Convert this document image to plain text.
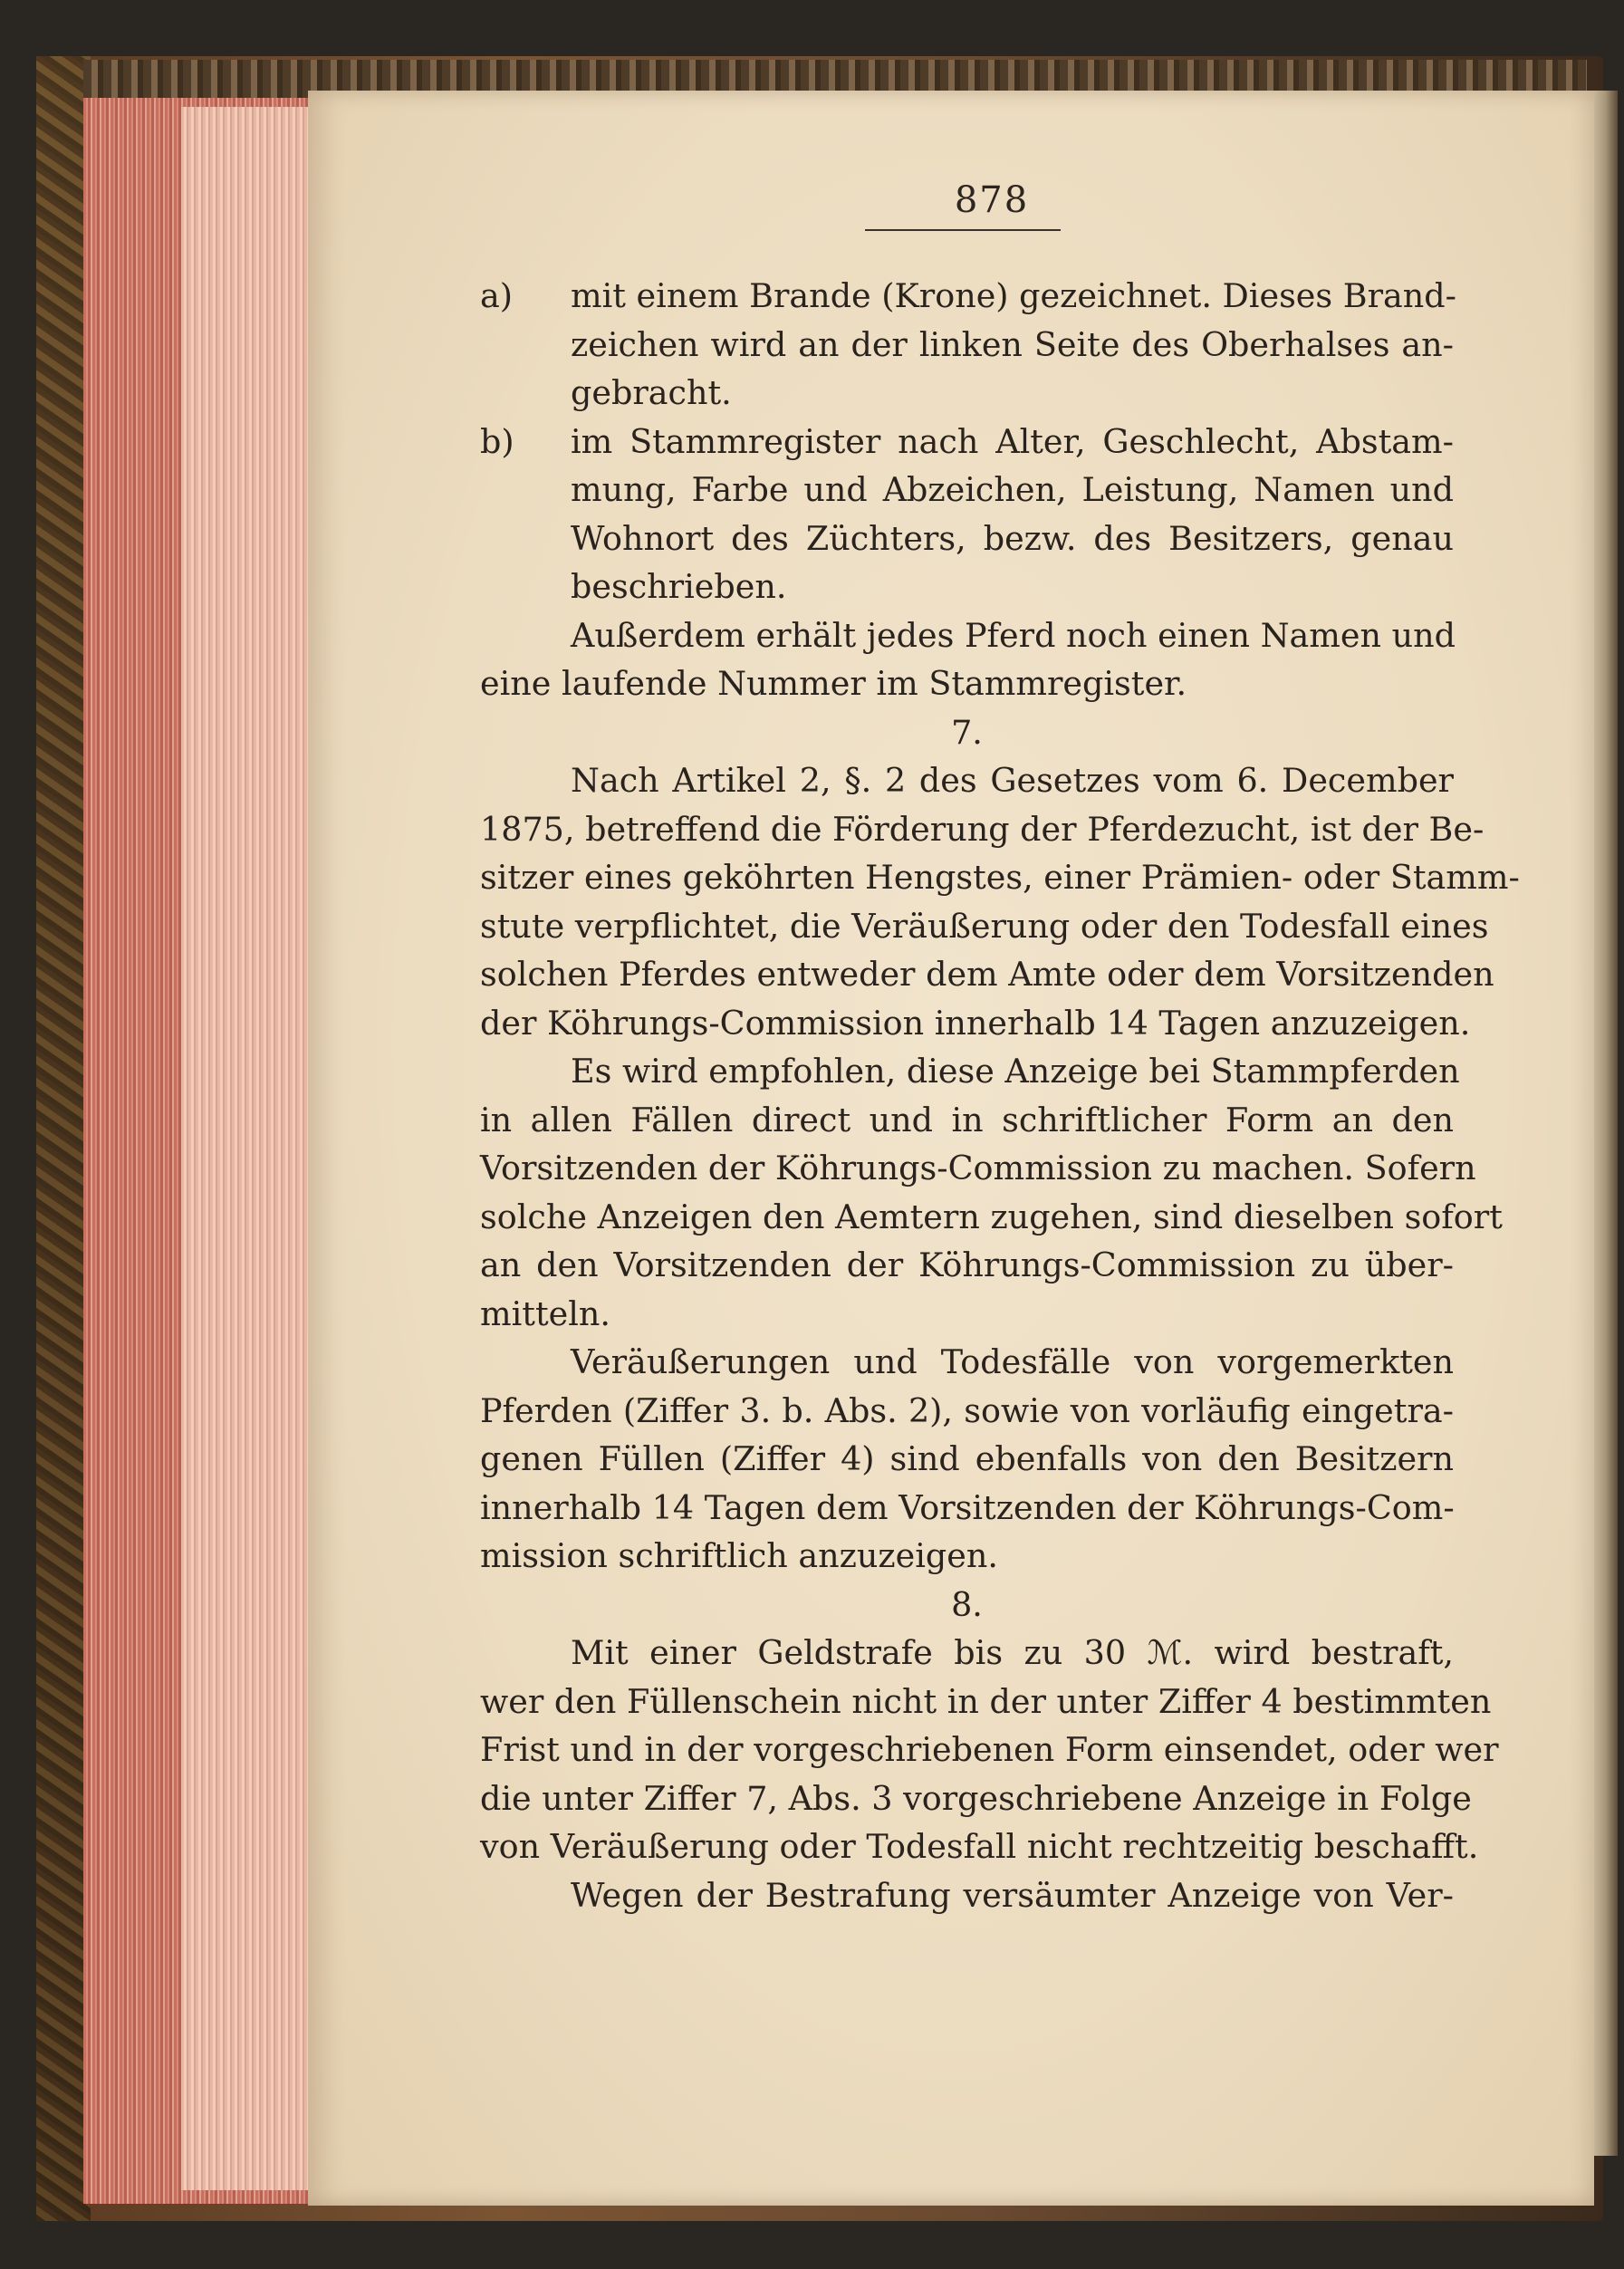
878
a)	mit einem Brande (Krone) gezeichnet. Dieses Brand-
zeichen wird an der linken Seite des Oberhalses an-
gebracht.
b)	im Stammregister nach Alter, Geschlecht, Abstam-
mung, Farbe und Abzeichen, Leistung, Namen und
Wohnort des Züchters, bezw. des Besitzers, genau
beschrieben.
Außerdem erhält jedes Pferd noch einen Namen und
eine laufende Nummer im Stammregister.
7.
Nach Artikel 2, §. 2 des Gesetzes vom 6. December
1875, betreffend die Förderung der Pferdezucht, ist der Be-
sitzer eines geköhrten Hengstes, einer Prämien- oder Stamm-
stute verpflichtet, die Veräußerung oder den Todesfall eines
solchen Pferdes entweder dem Amte oder dem Vorsitzenden
der Köhrungs-Commission innerhalb 14 Tagen anzuzeigen.
Es wird empfohlen, diese Anzeige bei Stammpferden
in allen Fällen direct und in schriftlicher Form an den
Vorsitzenden der Köhrungs-Commission zu machen. Sofern
solche Anzeigen den Aemtern zugehen, sind dieselben sofort
an den Vorsitzenden der Köhrungs-Commission zu über-
mitteln.
Veräußerungen und Todesfälle von vorgemerkten
Pferden (Ziffer 3. b. Abs. 2), sowie von vorläufig eingetra-
genen Füllen (Ziffer 4) sind ebenfalls von den Besitzern
innerhalb 14 Tagen dem Vorsitzenden der Köhrungs-Com-
mission schriftlich anzuzeigen.
8.
Mit einer Geldstrafe bis zu 30 ℳ. wird bestraft,
wer den Füllenschein nicht in der unter Ziffer 4 bestimmten
Frist und in der vorgeschriebenen Form einsendet, oder wer
die unter Ziffer 7, Abs. 3 vorgeschriebene Anzeige in Folge
von Veräußerung oder Todesfall nicht rechtzeitig beschafft.
Wegen der Bestrafung versäumter Anzeige von Ver-
